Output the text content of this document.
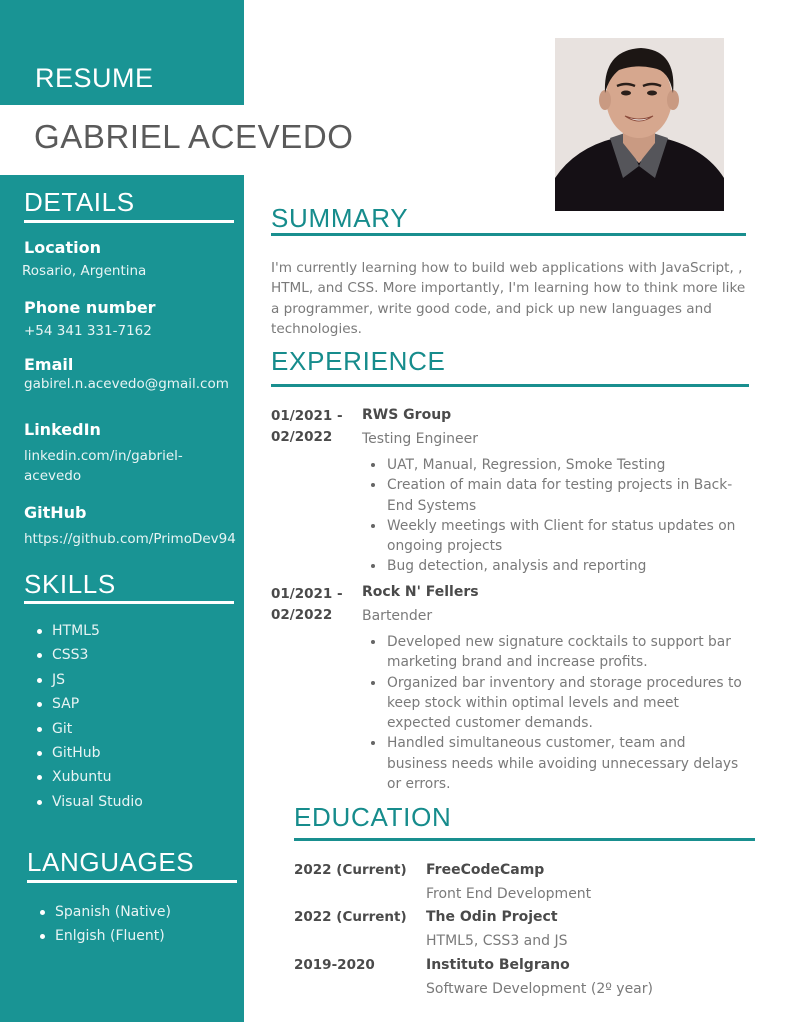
RESUME
GABRIEL ACEVEDO
DETAILS
Location
Rosario, Argentina
Phone number
+54 341 331-7162
Email
gabirel.n.acevedo@gmail.com
LinkedIn
linkedin.com/in/gabriel-acevedo
GitHub
https://github.com/PrimoDev94
SKILLS
HTML5
CSS3
JS
SAP
Git
GitHub
Xubuntu
Visual Studio
LANGUAGES
Spanish (Native)
Enlgish (Fluent)
SUMMARY
I'm currently learning how to build web applications with JavaScript, , HTML, and CSS. More importantly, I'm learning how to think more like a programmer, write good code, and pick up new languages and technologies.
EXPERIENCE
01/2021 -
02/2022
RWS Group
Testing Engineer
UAT, Manual, Regression, Smoke Testing
Creation of main data for testing projects in Back-End Systems
Weekly meetings with Client for status updates on ongoing projects
Bug detection, analysis and reporting
01/2021 -
02/2022
Rock N' Fellers
Bartender
Developed new signature cocktails to support bar marketing brand and increase profits.
Organized bar inventory and storage procedures to keep stock within optimal levels and meet expected customer demands.
Handled simultaneous customer, team and business needs while avoiding unnecessary delays or errors.
EDUCATION
2022 (Current) FreeCodeCamp
Front End Development
2022 (Current) The Odin Project
HTML5, CSS3 and JS
2019-2020	Instituto Belgrano
Software Development (2º year)
